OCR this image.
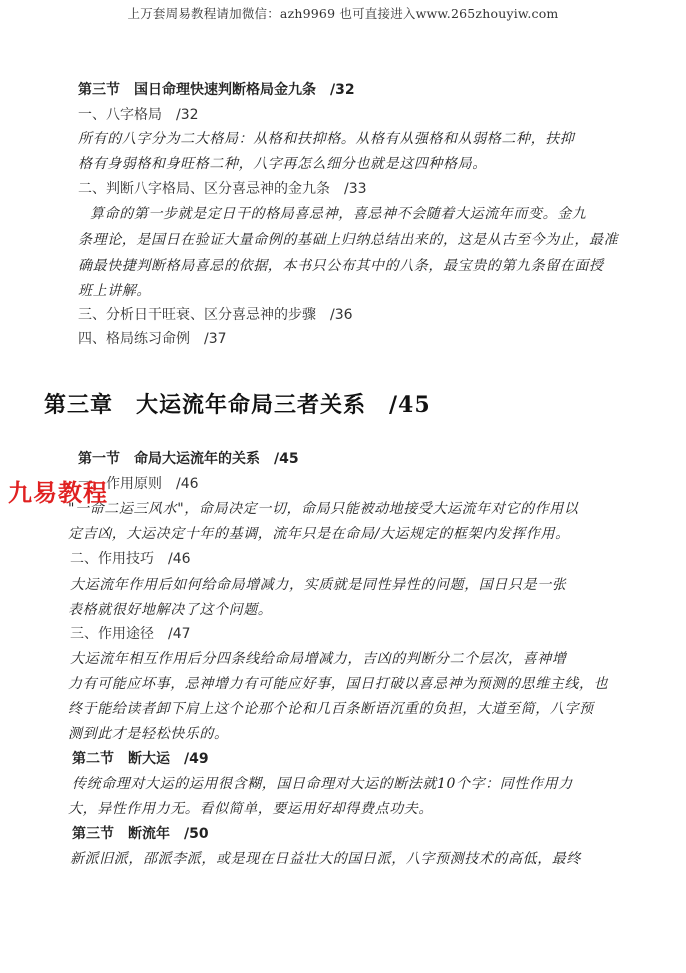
上万套周易教程请加微信：azh9969 也可直接进入www.265zhouyiw.com
第三节　国日命理快速判断格局金九条　/32
一、八字格局　/32
所有的八字分为二大格局：从格和扶抑格。从格有从强格和从弱格二种，扶抑
格有身弱格和身旺格二种，八字再怎么细分也就是这四种格局。
二、判断八字格局、区分喜忌神的金九条　/33
算命的第一步就是定日干的格局喜忌神，喜忌神不会随着大运流年而变。金九
条理论，是国日在验证大量命例的基础上归纳总结出来的，这是从古至今为止，最准
确最快捷判断格局喜忌的依据，本书只公布其中的八条，最宝贵的第九条留在面授
班上讲解。
三、分析日干旺衰、区分喜忌神的步骤　/36
四、格局练习命例　/37
第三章　大运流年命局三者关系　/45
第一节　命局大运流年的关系　/45
一、作用原则　/46
"一命二运三风水"，命局决定一切，命局只能被动地接受大运流年对它的作用以
定吉凶，大运决定十年的基调，流年只是在命局/大运规定的框架内发挥作用。
二、作用技巧　/46
大运流年作用后如何给命局增减力，实质就是同性异性的问题，国日只是一张
表格就很好地解决了这个问题。
三、作用途径　/47
大运流年相互作用后分四条线给命局增减力，吉凶的判断分二个层次，喜神增
力有可能应坏事，忌神增力有可能应好事，国日打破以喜忌神为预测的思维主线，也
终于能给读者卸下肩上这个论那个论和几百条断语沉重的负担，大道至简，八字预
测到此才是轻松快乐的。
第二节　断大运　/49
传统命理对大运的运用很含糊，国日命理对大运的断法就10个字：同性作用力
大，异性作用力无。看似简单，要运用好却得费点功夫。
第三节　断流年　/50
新派旧派，邵派李派，或是现在日益壮大的国日派，八字预测技术的高低，最终
九易教程
